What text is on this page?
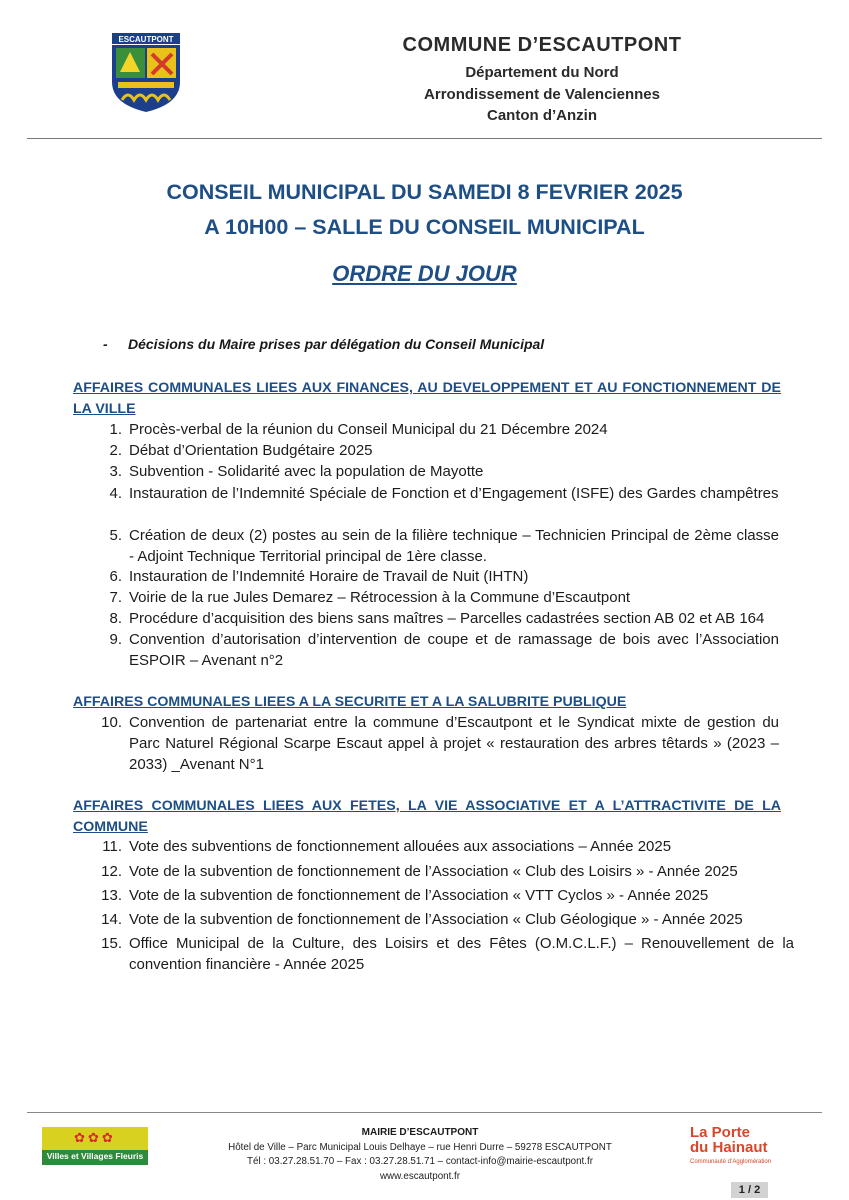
ESCAUTPONT	COMMUNE D’ESCAUTPONT
Département du Nord
Arrondissement de Valenciennes
Canton d’Anzin
CONSEIL MUNICIPAL DU SAMEDI 8 FEVRIER 2025
A 10H00 – SALLE DU CONSEIL MUNICIPAL
ORDRE DU JOUR
- Décisions du Maire prises par délégation du Conseil Municipal
AFFAIRES COMMUNALES LIEES AUX FINANCES, AU DEVELOPPEMENT ET AU FONCTIONNEMENT DE LA VILLE
1. Procès-verbal de la réunion du Conseil Municipal du 21 Décembre 2024
2. Débat d’Orientation Budgétaire 2025
3. Subvention - Solidarité avec la population de Mayotte
4. Instauration de l’Indemnité Spéciale de Fonction et d’Engagement (ISFE) des Gardes champêtres
5. Création de deux (2) postes au sein de la filière technique – Technicien Principal de 2ème classe - Adjoint Technique Territorial principal de 1ère classe.
6. Instauration de l’Indemnité Horaire de Travail de Nuit (IHTN)
7. Voirie de la rue Jules Demarez – Rétrocession à la Commune d’Escautpont
8. Procédure d’acquisition des biens sans maîtres – Parcelles cadastrées section AB 02 et AB 164
9. Convention d’autorisation d’intervention de coupe et de ramassage de bois avec l’Association ESPOIR – Avenant n°2
AFFAIRES COMMUNALES LIEES A LA SECURITE ET A LA SALUBRITE PUBLIQUE
10. Convention de partenariat entre la commune d’Escautpont et le Syndicat mixte de gestion du Parc Naturel Régional Scarpe Escaut appel à projet « restauration des arbres têtards » (2023 – 2033) _Avenant N°1
AFFAIRES COMMUNALES LIEES AUX FETES, LA VIE ASSOCIATIVE ET A L’ATTRACTIVITE DE LA COMMUNE
11. Vote des subventions de fonctionnement allouées aux associations – Année 2025
12. Vote de la subvention de fonctionnement de l’Association « Club des Loisirs » - Année 2025
13. Vote de la subvention de fonctionnement de l’Association « VTT Cyclos » - Année 2025
14. Vote de la subvention de fonctionnement de l’Association « Club Géologique » - Année 2025
15. Office Municipal de la Culture, des Loisirs et des Fêtes (O.M.C.L.F.) – Renouvellement de la convention financière - Année 2025
✿✿✿
Villes et Villages Fleuris
MAIRIE D’ESCAUTPONT
Hôtel de Ville – Parc Municipal Louis Delhaye – rue Henri Durre – 59278 ESCAUTPONT
Tél : 03.27.28.51.70 – Fax : 03.27.28.51.71 – contact-info@mairie-escautpont.fr
www.escautpont.fr
La Porte
du Hainaut
Communauté d’Agglomération
1 / 2
